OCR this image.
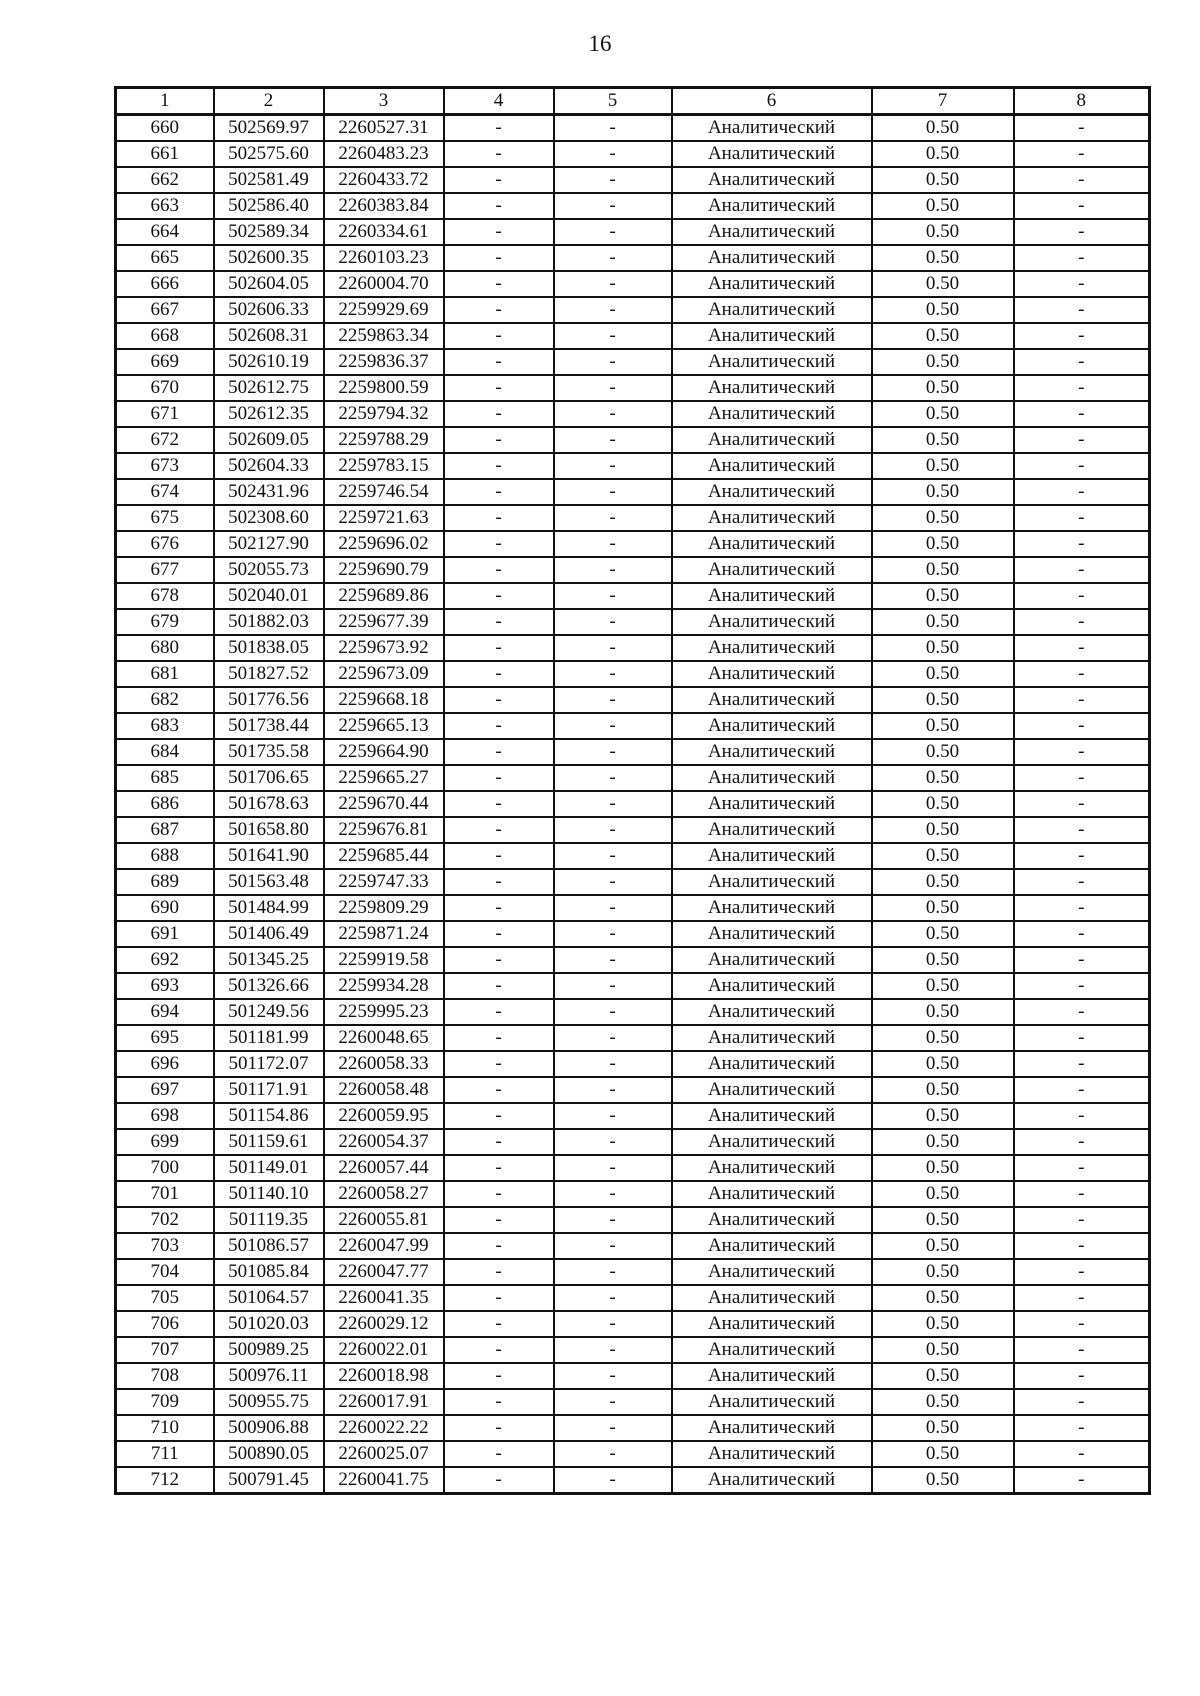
16
1	2	3	4	5	6	7	8
660	502569.97	2260527.31	-	-	Аналитический	0.50	-
661	502575.60	2260483.23	-	-	Аналитический	0.50	-
662	502581.49	2260433.72	-	-	Аналитический	0.50	-
663	502586.40	2260383.84	-	-	Аналитический	0.50	-
664	502589.34	2260334.61	-	-	Аналитический	0.50	-
665	502600.35	2260103.23	-	-	Аналитический	0.50	-
666	502604.05	2260004.70	-	-	Аналитический	0.50	-
667	502606.33	2259929.69	-	-	Аналитический	0.50	-
668	502608.31	2259863.34	-	-	Аналитический	0.50	-
669	502610.19	2259836.37	-	-	Аналитический	0.50	-
670	502612.75	2259800.59	-	-	Аналитический	0.50	-
671	502612.35	2259794.32	-	-	Аналитический	0.50	-
672	502609.05	2259788.29	-	-	Аналитический	0.50	-
673	502604.33	2259783.15	-	-	Аналитический	0.50	-
674	502431.96	2259746.54	-	-	Аналитический	0.50	-
675	502308.60	2259721.63	-	-	Аналитический	0.50	-
676	502127.90	2259696.02	-	-	Аналитический	0.50	-
677	502055.73	2259690.79	-	-	Аналитический	0.50	-
678	502040.01	2259689.86	-	-	Аналитический	0.50	-
679	501882.03	2259677.39	-	-	Аналитический	0.50	-
680	501838.05	2259673.92	-	-	Аналитический	0.50	-
681	501827.52	2259673.09	-	-	Аналитический	0.50	-
682	501776.56	2259668.18	-	-	Аналитический	0.50	-
683	501738.44	2259665.13	-	-	Аналитический	0.50	-
684	501735.58	2259664.90	-	-	Аналитический	0.50	-
685	501706.65	2259665.27	-	-	Аналитический	0.50	-
686	501678.63	2259670.44	-	-	Аналитический	0.50	-
687	501658.80	2259676.81	-	-	Аналитический	0.50	-
688	501641.90	2259685.44	-	-	Аналитический	0.50	-
689	501563.48	2259747.33	-	-	Аналитический	0.50	-
690	501484.99	2259809.29	-	-	Аналитический	0.50	-
691	501406.49	2259871.24	-	-	Аналитический	0.50	-
692	501345.25	2259919.58	-	-	Аналитический	0.50	-
693	501326.66	2259934.28	-	-	Аналитический	0.50	-
694	501249.56	2259995.23	-	-	Аналитический	0.50	-
695	501181.99	2260048.65	-	-	Аналитический	0.50	-
696	501172.07	2260058.33	-	-	Аналитический	0.50	-
697	501171.91	2260058.48	-	-	Аналитический	0.50	-
698	501154.86	2260059.95	-	-	Аналитический	0.50	-
699	501159.61	2260054.37	-	-	Аналитический	0.50	-
700	501149.01	2260057.44	-	-	Аналитический	0.50	-
701	501140.10	2260058.27	-	-	Аналитический	0.50	-
702	501119.35	2260055.81	-	-	Аналитический	0.50	-
703	501086.57	2260047.99	-	-	Аналитический	0.50	-
704	501085.84	2260047.77	-	-	Аналитический	0.50	-
705	501064.57	2260041.35	-	-	Аналитический	0.50	-
706	501020.03	2260029.12	-	-	Аналитический	0.50	-
707	500989.25	2260022.01	-	-	Аналитический	0.50	-
708	500976.11	2260018.98	-	-	Аналитический	0.50	-
709	500955.75	2260017.91	-	-	Аналитический	0.50	-
710	500906.88	2260022.22	-	-	Аналитический	0.50	-
711	500890.05	2260025.07	-	-	Аналитический	0.50	-
712	500791.45	2260041.75	-	-	Аналитический	0.50	-
